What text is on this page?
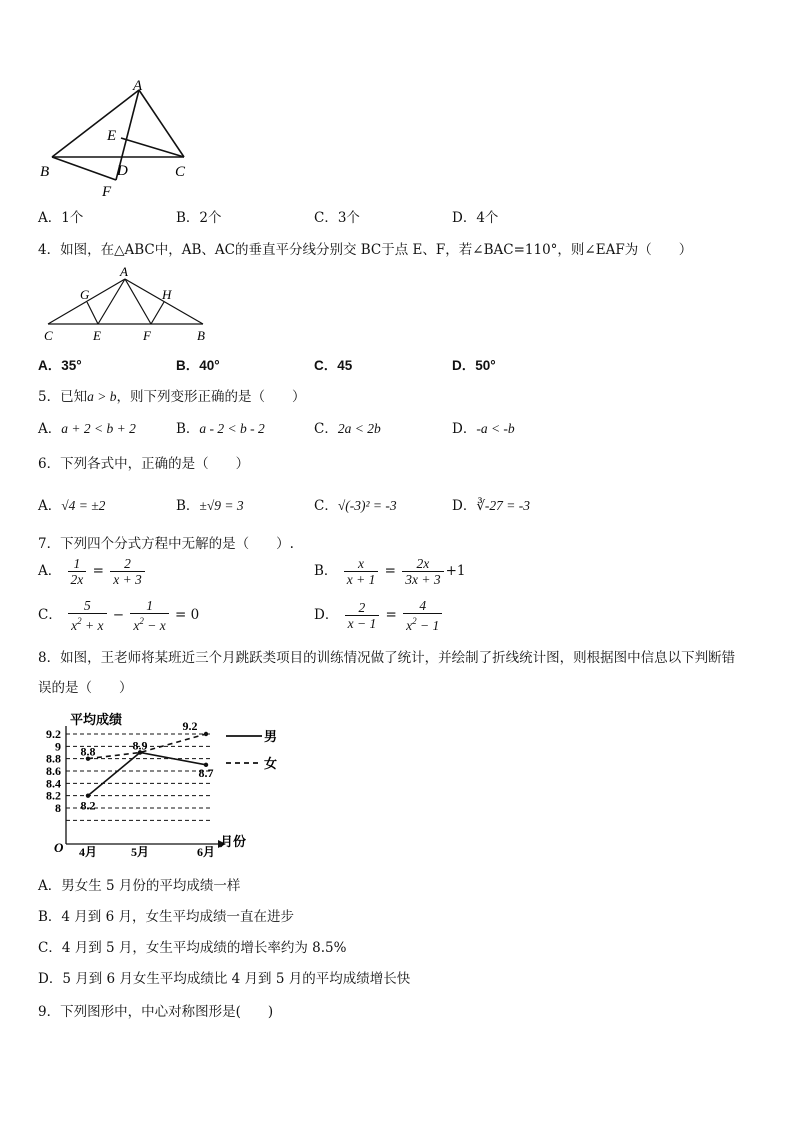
A
E
B	D	C
F
A．1个	B．2个	C．3个	D．4个
4．如图，在△ABC中，AB、AC的垂直平分线分别交 BC于点 E、F，若∠BAC=110°，则∠EAF为（　　）
A
G	H
C	E	F	B
A．35°	B．40°	C．45	D．50°
5．已知a > b，则下列变形正确的是（　　）
A．a + 2 < b + 2	B．a - 2 < b - 2	C．2a < 2b	D．-a < -b
6．下列各式中，正确的是（　　）
A．√4 = ±2	B．±√9 = 3	C．√(-3)² = -3	D．∛-27 = -3
7．下列四个分式方程中无解的是（　　）.
A． $\frac{1}{2x} = \frac{2}{x + 3}$	B． $\frac{x}{x + 1} = \frac{2x}{3x + 3} +1$
C． $\frac{5}{x^2 + x} - \frac{1}{x^2 - x} = 0$	D． $\frac{2}{x - 1} = \frac{4}{x^2 - 1}$
8．如图，王老师将某班近三个月跳跃类项目的训练情况做了统计，并绘制了折线统计图，则根据图中信息以下判断错
误的是（　　）
平均成绩
月份
O
9.2
9
8.8
8.6
8.4
8.2
8
4月	5月	6月
8.2
8.8	8.9
8.7
9.2
男
女
A．男女生 5 月份的平均成绩一样
B．4 月到 6 月，女生平均成绩一直在进步
C．4 月到 5 月，女生平均成绩的增长率约为 8.5%
D．5 月到 6 月女生平均成绩比 4 月到 5 月的平均成绩增长快
9．下列图形中，中心对称图形是(　　)
